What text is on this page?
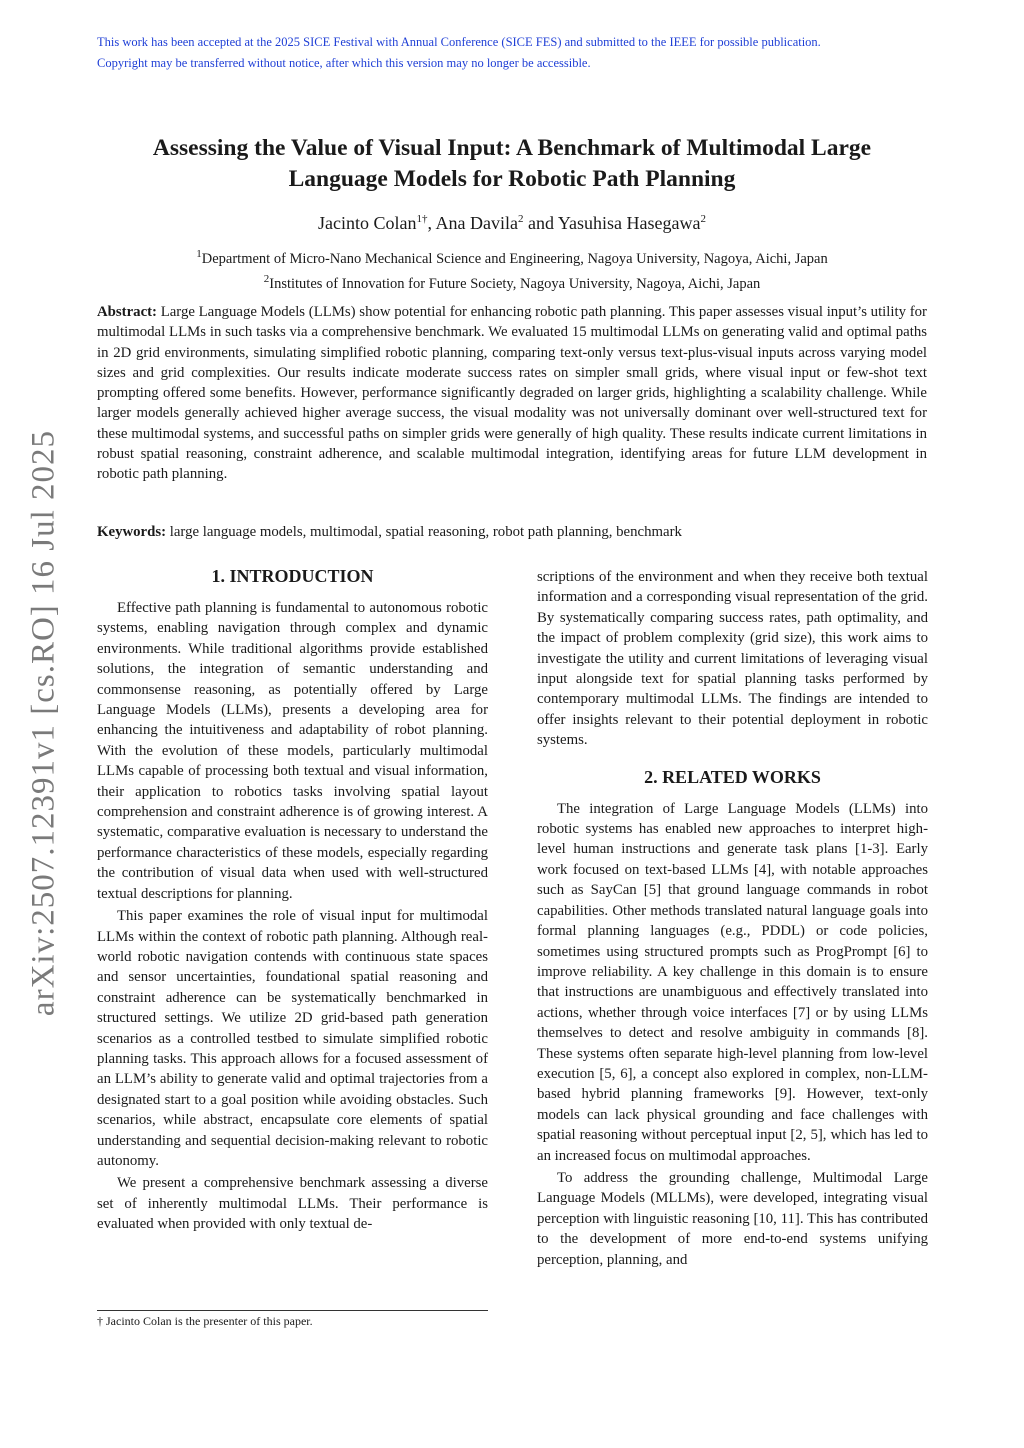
This work has been accepted at the 2025 SICE Festival with Annual Conference (SICE FES) and submitted to the IEEE for possible publication.
Copyright may be transferred without notice, after which this version may no longer be accessible.
arXiv:2507.12391v1 [cs.RO] 16 Jul 2025
Assessing the Value of Visual Input: A Benchmark of Multimodal Large
Language Models for Robotic Path Planning
Jacinto Colan$^{1\dagger}$, Ana Davila$^2$ and Yasuhisa Hasegawa$^2$
$^1$Department of Micro-Nano Mechanical Science and Engineering, Nagoya University, Nagoya, Aichi, Japan
$^2$Institutes of Innovation for Future Society, Nagoya University, Nagoya, Aichi, Japan
Abstract: Large Language Models (LLMs) show potential for enhancing robotic path planning. This paper assesses visual input’s utility for multimodal LLMs in such tasks via a comprehensive benchmark. We evaluated 15 multimodal LLMs on generating valid and optimal paths in 2D grid environments, simulating simplified robotic planning, comparing text-only versus text-plus-visual inputs across varying model sizes and grid complexities. Our results indicate moderate success rates on simpler small grids, where visual input or few-shot text prompting offered some benefits. However, performance significantly degraded on larger grids, highlighting a scalability challenge. While larger models generally achieved higher average success, the visual modality was not universally dominant over well-structured text for these multimodal systems, and successful paths on simpler grids were generally of high quality. These results indicate current limitations in robust spatial reasoning, constraint adherence, and scalable multimodal integration, identifying areas for future LLM development in robotic path planning.
Keywords: large language models, multimodal, spatial reasoning, robot path planning, benchmark
1. INTRODUCTION

Effective path planning is fundamental to autonomous robotic systems, enabling navigation through complex and dynamic environments. While traditional algorithms provide established solutions, the integration of semantic understanding and commonsense reasoning, as potentially offered by Large Language Models (LLMs), presents a developing area for enhancing the intuitiveness and adaptability of robot planning. With the evolution of these models, particularly multimodal LLMs capable of processing both textual and visual information, their application to robotics tasks involving spatial layout comprehension and constraint adherence is of growing interest. A systematic, comparative evaluation is necessary to understand the performance characteristics of these models, especially regarding the contribution of visual data when used with well-structured textual descriptions for planning.

This paper examines the role of visual input for multimodal LLMs within the context of robotic path planning. Although real-world robotic navigation contends with continuous state spaces and sensor uncertainties, foundational spatial reasoning and constraint adherence can be systematically benchmarked in structured settings. We utilize 2D grid-based path generation scenarios as a controlled testbed to simulate simplified robotic planning tasks. This approach allows for a focused assessment of an LLM’s ability to generate valid and optimal trajectories from a designated start to a goal position while avoiding obstacles. Such scenarios, while abstract, encapsulate core elements of spatial understanding and sequential decision-making relevant to robotic autonomy.

We present a comprehensive benchmark assessing a diverse set of inherently multimodal LLMs. Their performance is evaluated when provided with only textual de-

scriptions of the environment and when they receive both textual information and a corresponding visual representation of the grid. By systematically comparing success rates, path optimality, and the impact of problem complexity (grid size), this work aims to investigate the utility and current limitations of leveraging visual input alongside text for spatial planning tasks performed by contemporary multimodal LLMs. The findings are intended to offer insights relevant to their potential deployment in robotic systems.

2. RELATED WORKS

The integration of Large Language Models (LLMs) into robotic systems has enabled new approaches to interpret high-level human instructions and generate task plans [1-3]. Early work focused on text-based LLMs [4], with notable approaches such as SayCan [5] that ground language commands in robot capabilities. Other methods translated natural language goals into formal planning languages (e.g., PDDL) or code policies, sometimes using structured prompts such as ProgPrompt [6] to improve reliability. A key challenge in this domain is to ensure that instructions are unambiguous and effectively translated into actions, whether through voice interfaces [7] or by using LLMs themselves to detect and resolve ambiguity in commands [8]. These systems often separate high-level planning from low-level execution [5, 6], a concept also explored in complex, non-LLM-based hybrid planning frameworks [9]. However, text-only models can lack physical grounding and face challenges with spatial reasoning without perceptual input [2, 5], which has led to an increased focus on multimodal approaches.

To address the grounding challenge, Multimodal Large Language Models (MLLMs), were developed, integrating visual perception with linguistic reasoning [10, 11]. This has contributed to the development of more end-to-end systems unifying perception, planning, and

† Jacinto Colan is the presenter of this paper.
